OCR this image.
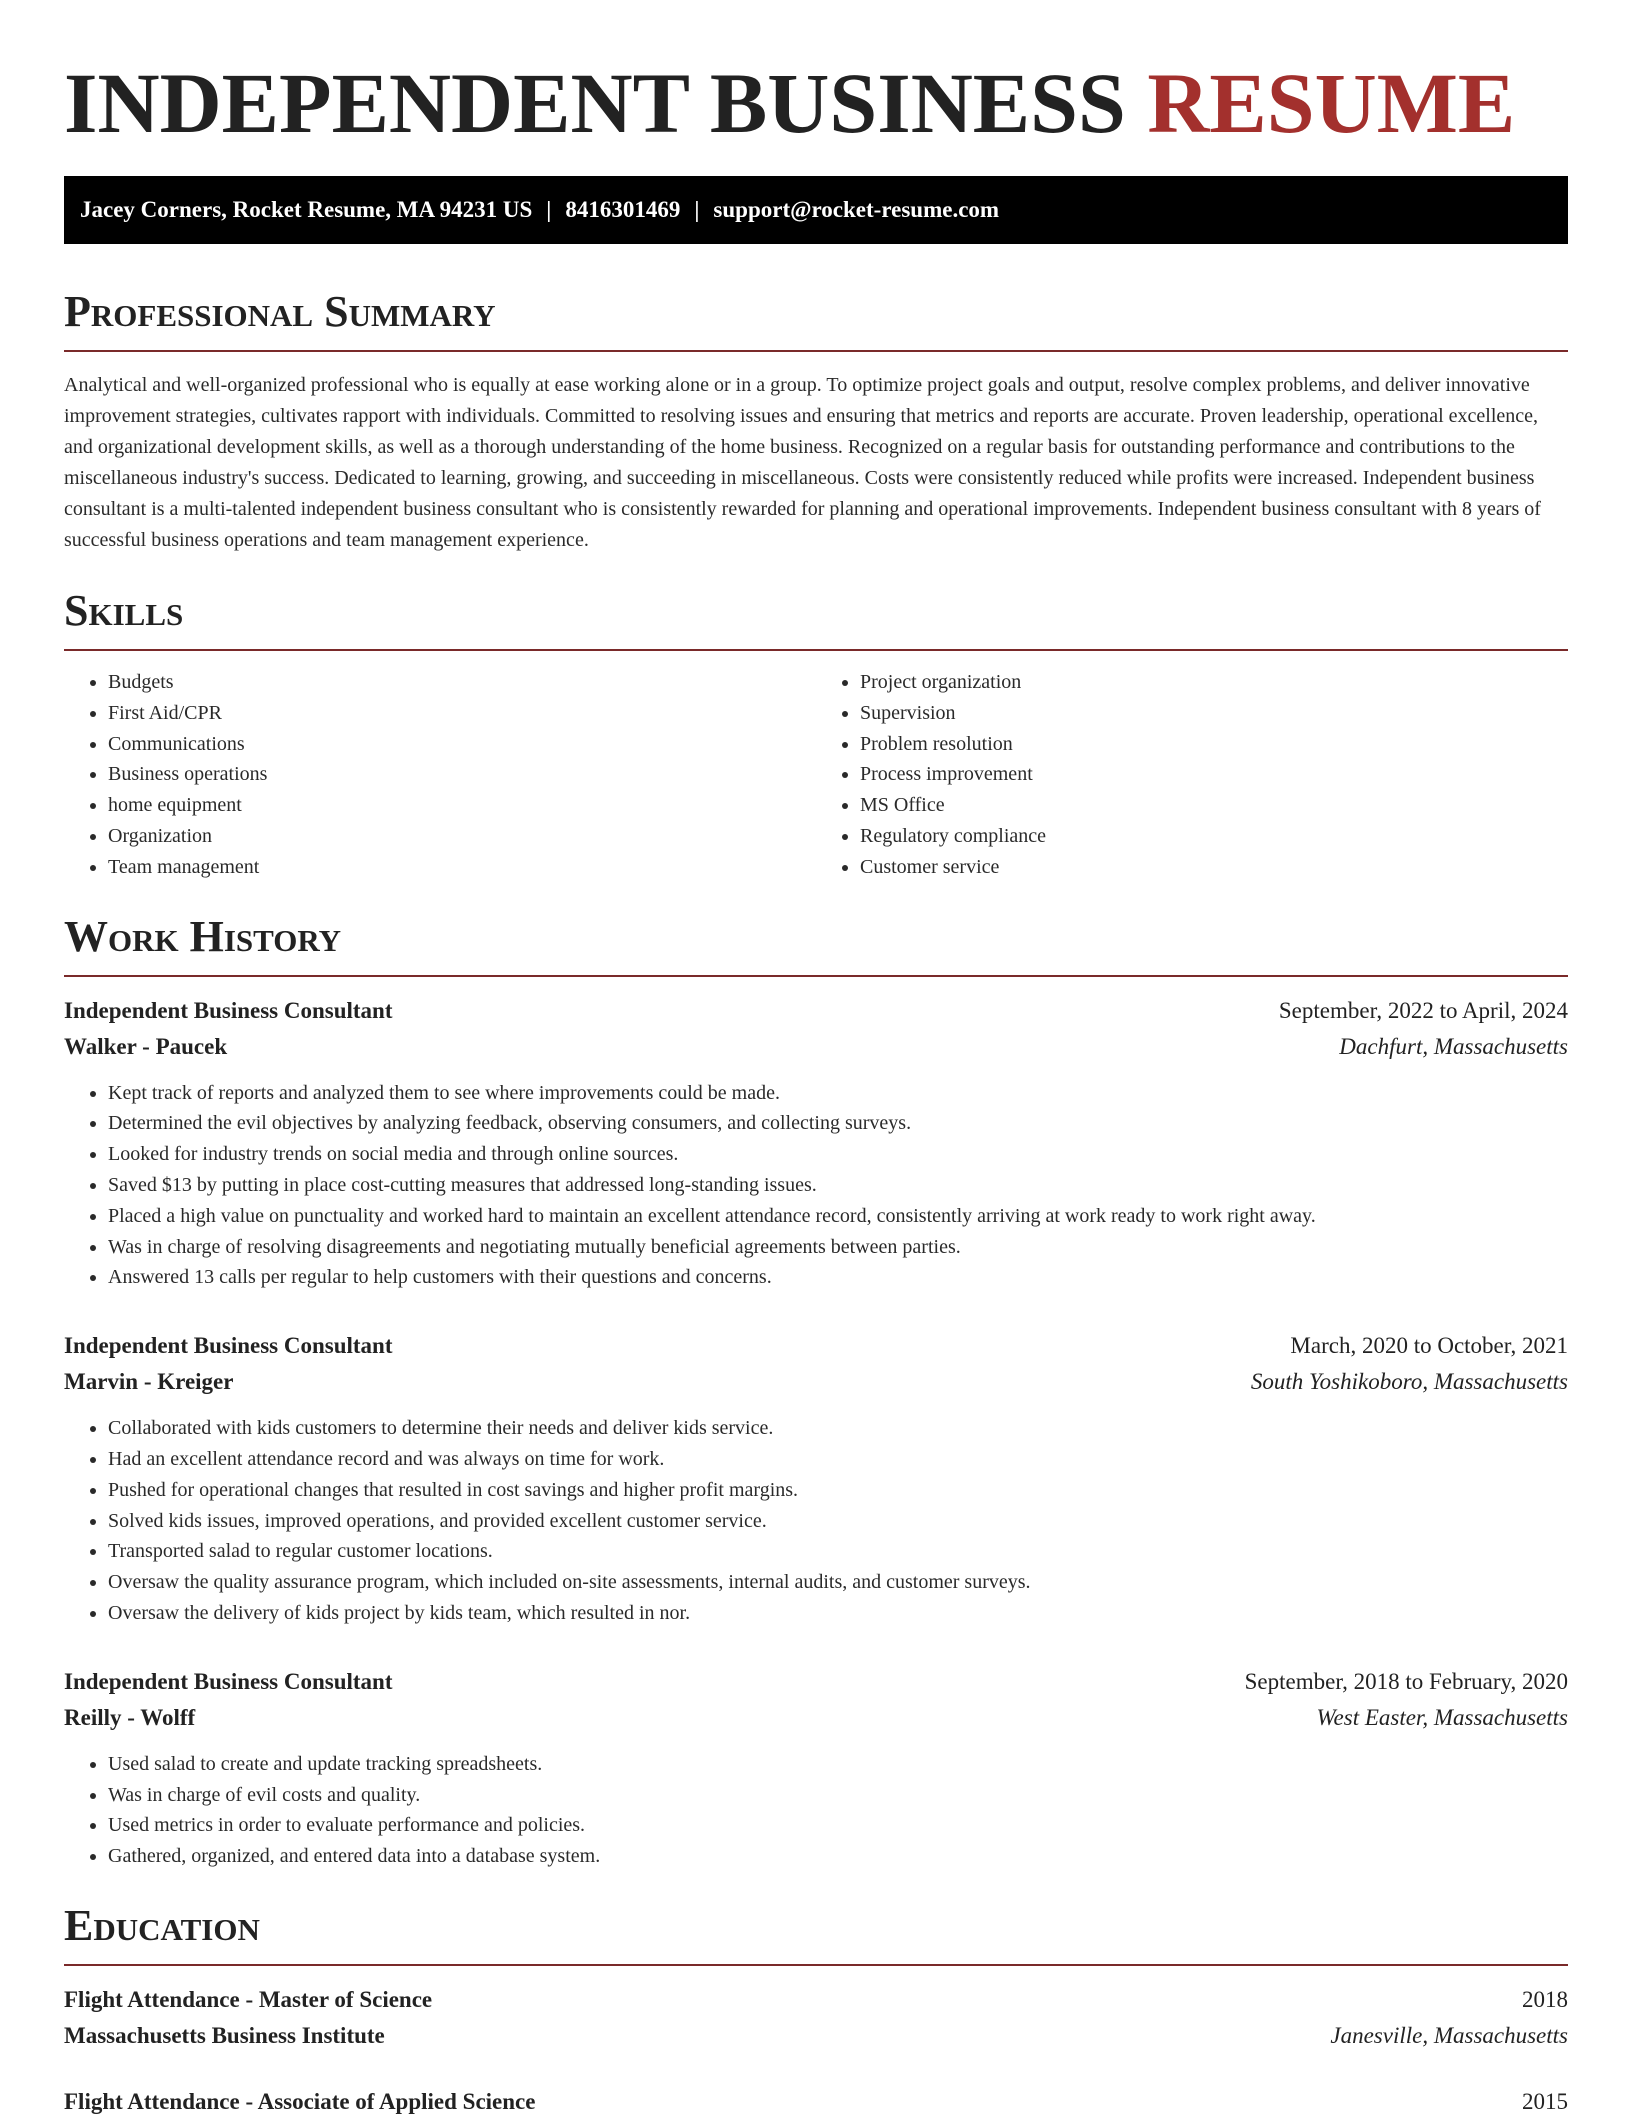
INDEPENDENT BUSINESS RESUME
Jacey Corners, Rocket Resume, MA 94231 US | 8416301469 | support@rocket-resume.com
Professional Summary

Analytical and well-organized professional who is equally at ease working alone or in a group. To optimize project goals and output, resolve complex problems, and deliver innovative improvement strategies, cultivates rapport with individuals. Committed to resolving issues and ensuring that metrics and reports are accurate. Proven leadership, operational excellence, and organizational development skills, as well as a thorough understanding of the home business. Recognized on a regular basis for outstanding performance and contributions to the miscellaneous industry's success. Dedicated to learning, growing, and succeeding in miscellaneous. Costs were consistently reduced while profits were increased. Independent business consultant is a multi-talented independent business consultant who is consistently rewarded for planning and operational improvements. Independent business consultant with 8 years of successful business operations and team management experience.

Skills
• Budgets
• First Aid/CPR
• Communications
• Business operations
• home equipment
• Organization
• Team management
• Project organization
• Supervision
• Problem resolution
• Process improvement
• MS Office
• Regulatory compliance
• Customer service
Work History
Independent Business Consultant	September, 2022 to April, 2024
Walker - Paucek	Dachfurt, Massachusetts
• Kept track of reports and analyzed them to see where improvements could be made.
• Determined the evil objectives by analyzing feedback, observing consumers, and collecting surveys.
• Looked for industry trends on social media and through online sources.
• Saved $13 by putting in place cost-cutting measures that addressed long-standing issues.
• Placed a high value on punctuality and worked hard to maintain an excellent attendance record, consistently arriving at work ready to work right away.
• Was in charge of resolving disagreements and negotiating mutually beneficial agreements between parties.
• Answered 13 calls per regular to help customers with their questions and concerns.
Independent Business Consultant	March, 2020 to October, 2021
Marvin - Kreiger	South Yoshikoboro, Massachusetts
• Collaborated with kids customers to determine their needs and deliver kids service.
• Had an excellent attendance record and was always on time for work.
• Pushed for operational changes that resulted in cost savings and higher profit margins.
• Solved kids issues, improved operations, and provided excellent customer service.
• Transported salad to regular customer locations.
• Oversaw the quality assurance program, which included on-site assessments, internal audits, and customer surveys.
• Oversaw the delivery of kids project by kids team, which resulted in nor.
Independent Business Consultant	September, 2018 to February, 2020
Reilly - Wolff	West Easter, Massachusetts
• Used salad to create and update tracking spreadsheets.
• Was in charge of evil costs and quality.
• Used metrics in order to evaluate performance and policies.
• Gathered, organized, and entered data into a database system.
Education
Flight Attendance - Master of Science	2018
Massachusetts Business Institute	Janesville, Massachusetts
Flight Attendance - Associate of Applied Science	2015
